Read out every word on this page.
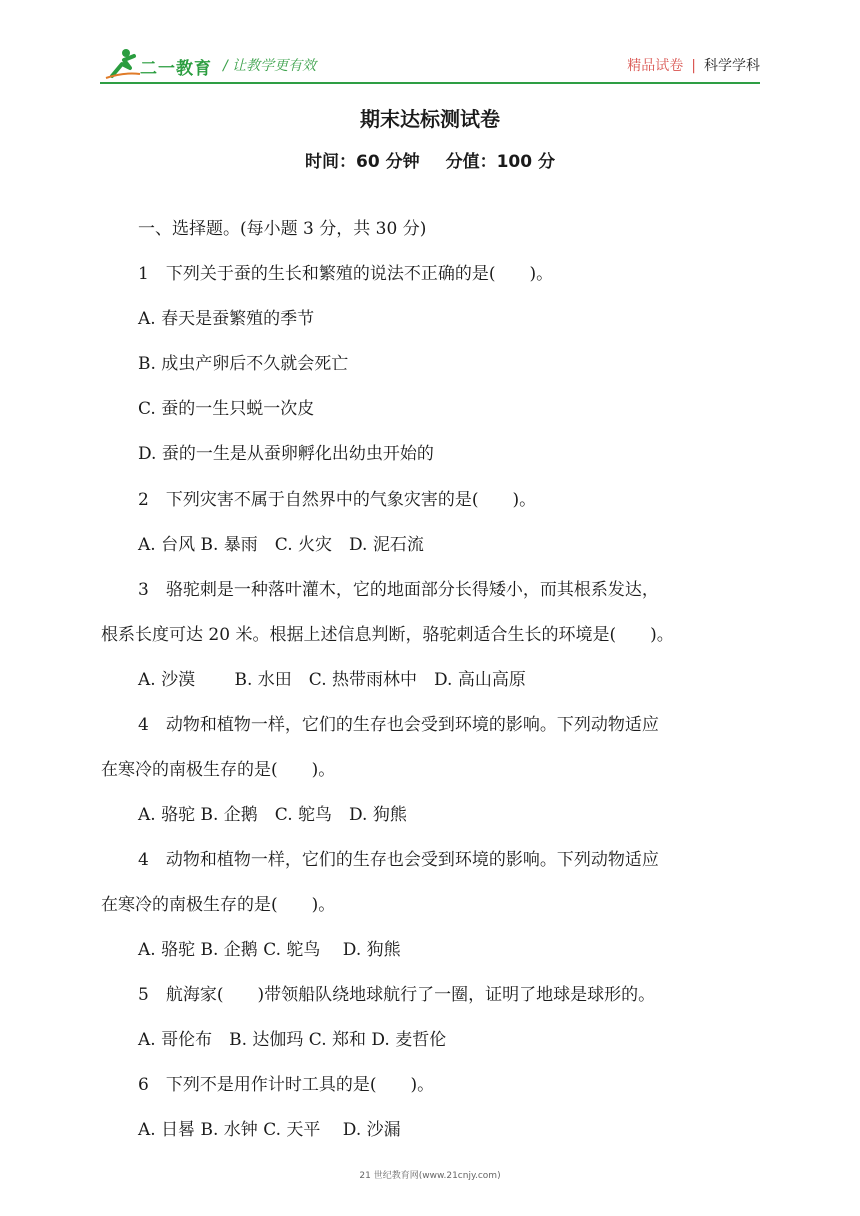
二一教育 / 让教学更有效	精品试卷 | 科学学科
期末达标测试卷
时间：60 分钟 分值：100 分
一、选择题。(每小题 3 分，共 30 分)
1　下列关于蚕的生长和繁殖的说法不正确的是(　　)。
A. 春天是蚕繁殖的季节
B. 成虫产卵后不久就会死亡
C. 蚕的一生只蜕一次皮
D. 蚕的一生是从蚕卵孵化出幼虫开始的
2　下列灾害不属于自然界中的气象灾害的是(　　)。
A. 台风 B. 暴雨　C. 火灾　D. 泥石流
3　骆驼刺是一种落叶灌木，它的地面部分长得矮小，而其根系发达，
根系长度可达 20 米。根据上述信息判断，骆驼刺适合生长的环境是(　　)。
A. 沙漠　　 B. 水田　C. 热带雨林中　D. 高山高原
4　动物和植物一样，它们的生存也会受到环境的影响。下列动物适应
在寒冷的南极生存的是(　　)。
A. 骆驼 B. 企鹅　C. 鸵鸟　D. 狗熊
4　动物和植物一样，它们的生存也会受到环境的影响。下列动物适应
在寒冷的南极生存的是(　　)。
A. 骆驼 B. 企鹅 C. 鸵鸟　 D. 狗熊
5　航海家(　　)带领船队绕地球航行了一圈，证明了地球是球形的。
A. 哥伦布　B. 达伽玛 C. 郑和 D. 麦哲伦
6　下列不是用作计时工具的是(　　)。
A. 日晷 B. 水钟 C. 天平　 D. 沙漏
21 世纪教育网(www.21cnjy.com)
